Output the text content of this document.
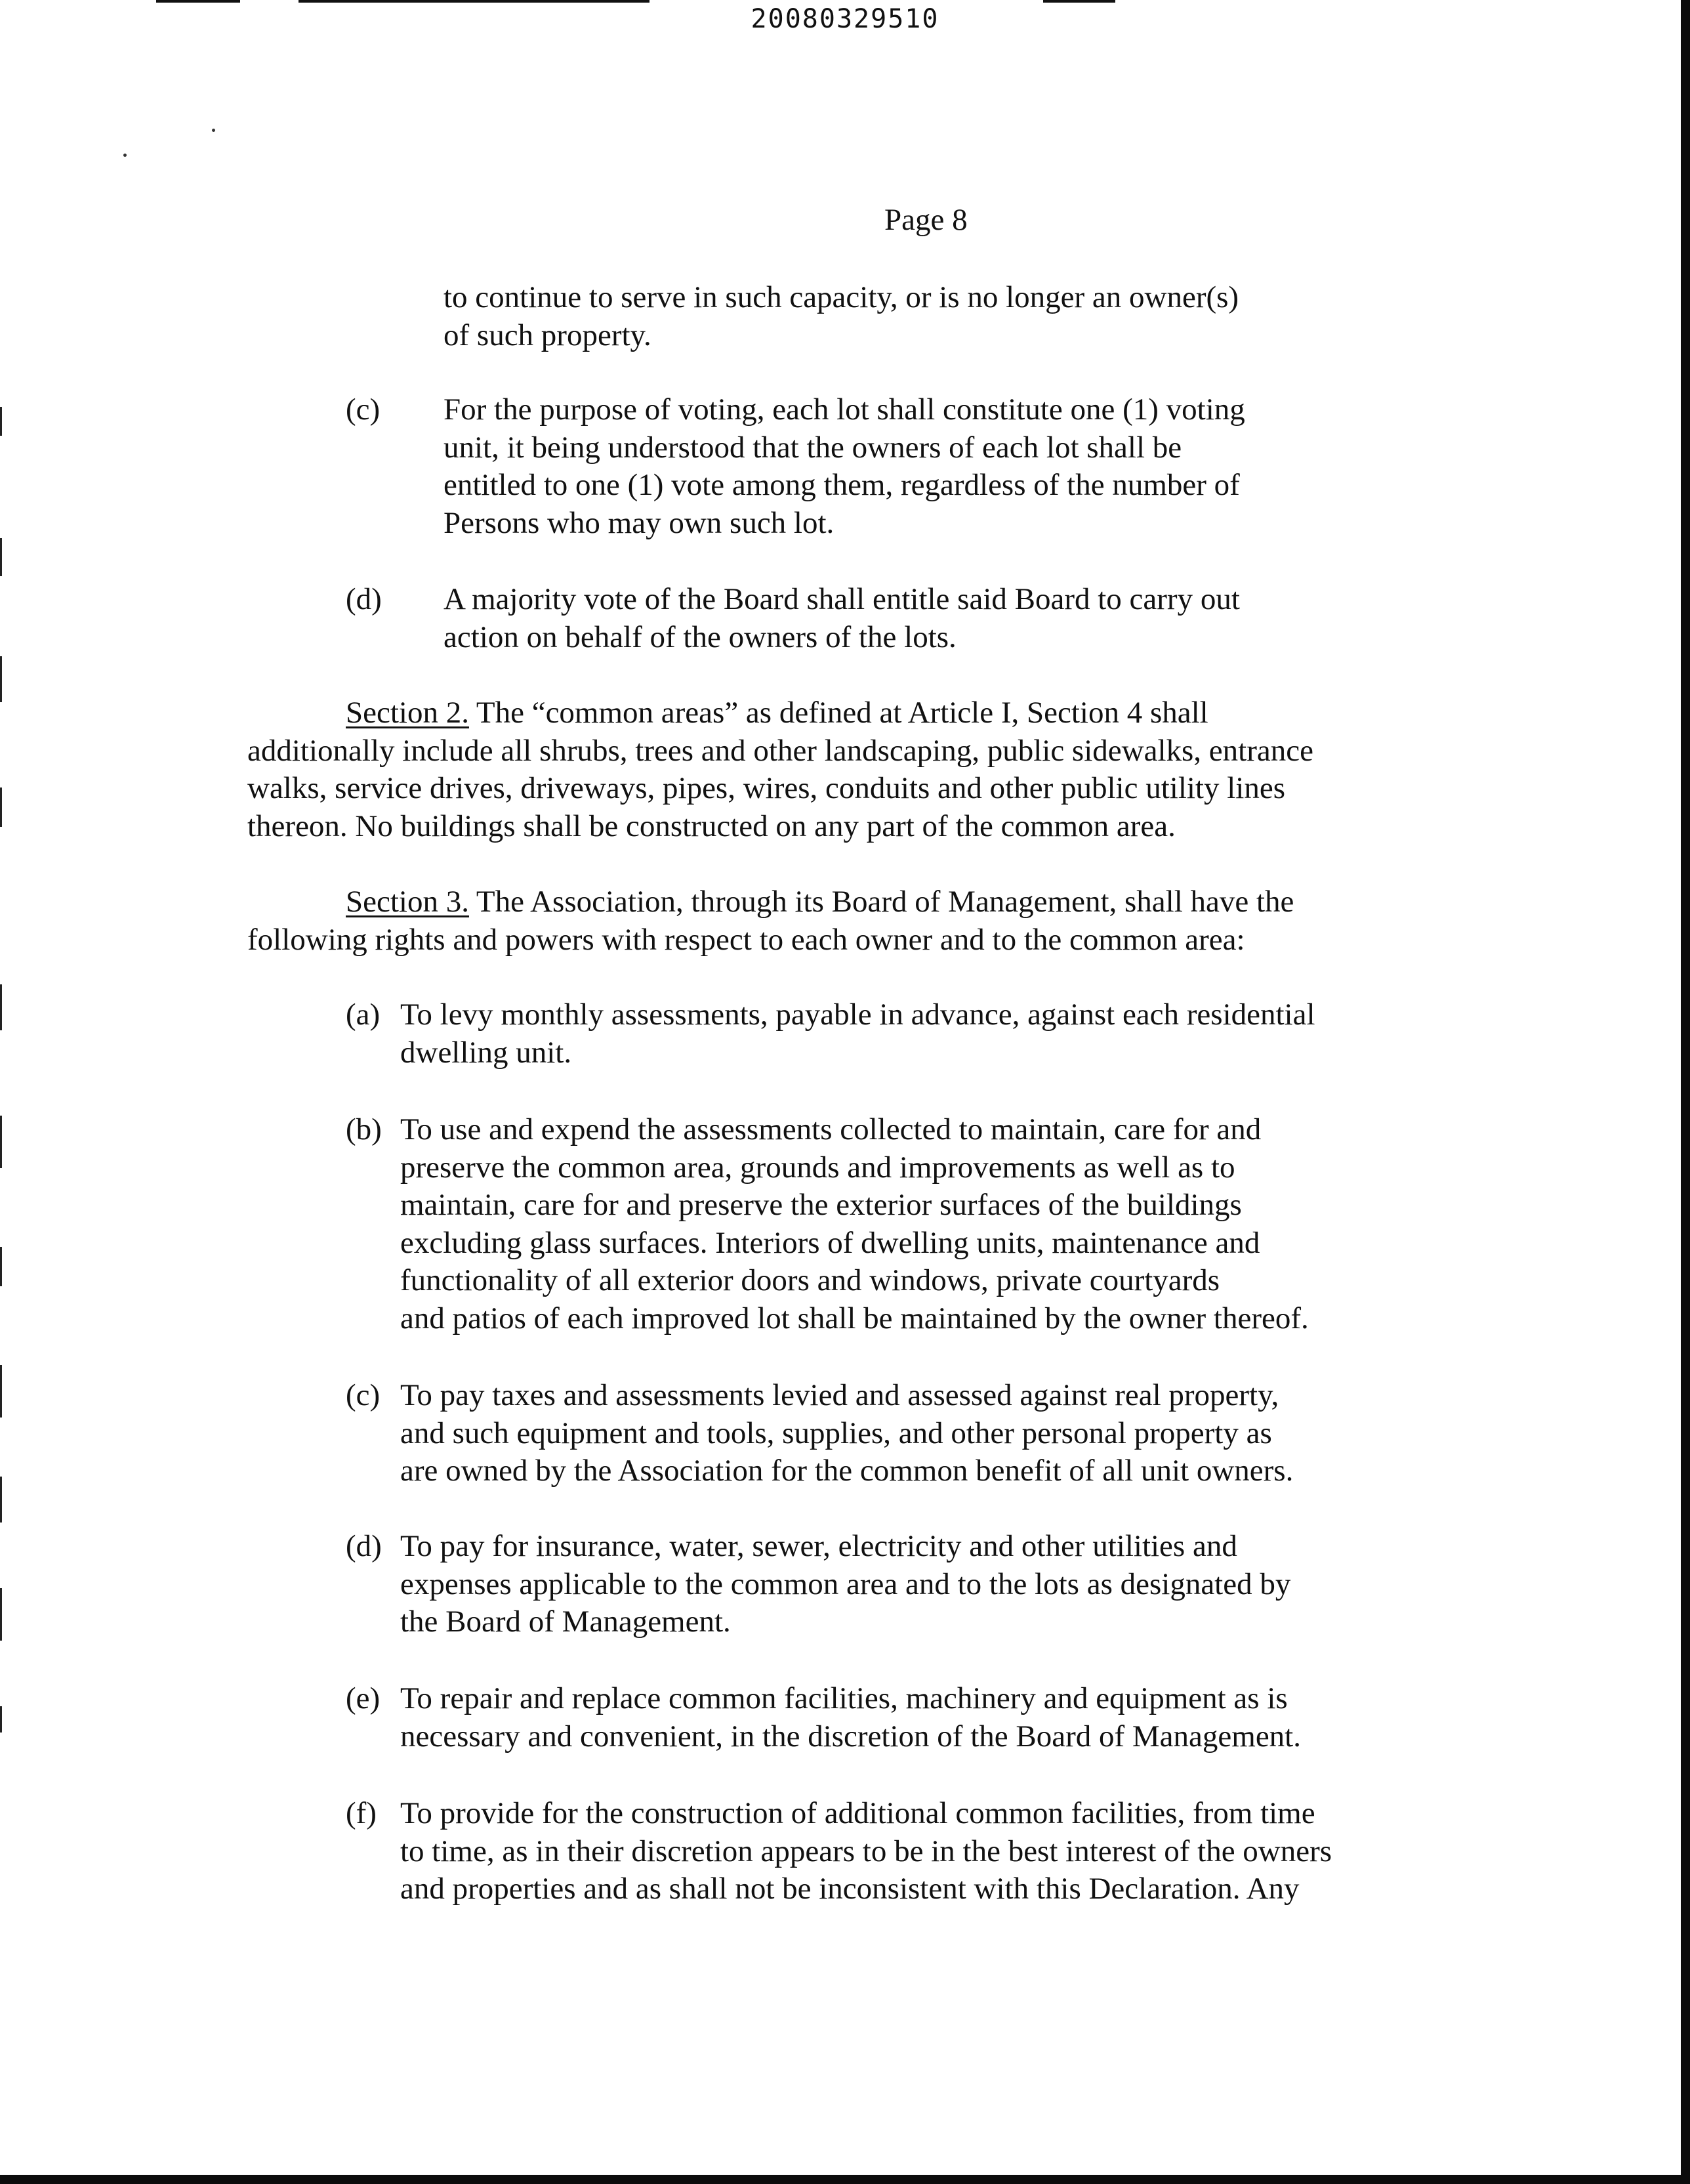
20080329510
Page 8
to continue to serve in such capacity, or is no longer an owner(s)
of such property.
(c) For the purpose of voting, each lot shall constitute one (1) voting
unit, it being understood that the owners of each lot shall be
entitled to one (1) vote among them, regardless of the number of
Persons who may own such lot.
(d) A majority vote of the Board shall entitle said Board to carry out
action on behalf of the owners of the lots.
Section 2. The “common areas” as defined at Article I, Section 4 shall
additionally include all shrubs, trees and other landscaping, public sidewalks, entrance
walks, service drives, driveways, pipes, wires, conduits and other public utility lines
thereon. No buildings shall be constructed on any part of the common area.
Section 3. The Association, through its Board of Management, shall have the
following rights and powers with respect to each owner and to the common area:
(a) To levy monthly assessments, payable in advance, against each residential
dwelling unit.
(b) To use and expend the assessments collected to maintain, care for and
preserve the common area, grounds and improvements as well as to
maintain, care for and preserve the exterior surfaces of the buildings
excluding glass surfaces. Interiors of dwelling units, maintenance and
functionality of all exterior doors and windows, private courtyards
and patios of each improved lot shall be maintained by the owner thereof.
(c) To pay taxes and assessments levied and assessed against real property,
and such equipment and tools, supplies, and other personal property as
are owned by the Association for the common benefit of all unit owners.
(d) To pay for insurance, water, sewer, electricity and other utilities and
expenses applicable to the common area and to the lots as designated by
the Board of Management.
(e) To repair and replace common facilities, machinery and equipment as is
necessary and convenient, in the discretion of the Board of Management.
(f) To provide for the construction of additional common facilities, from time
to time, as in their discretion appears to be in the best interest of the owners
and properties and as shall not be inconsistent with this Declaration. Any
